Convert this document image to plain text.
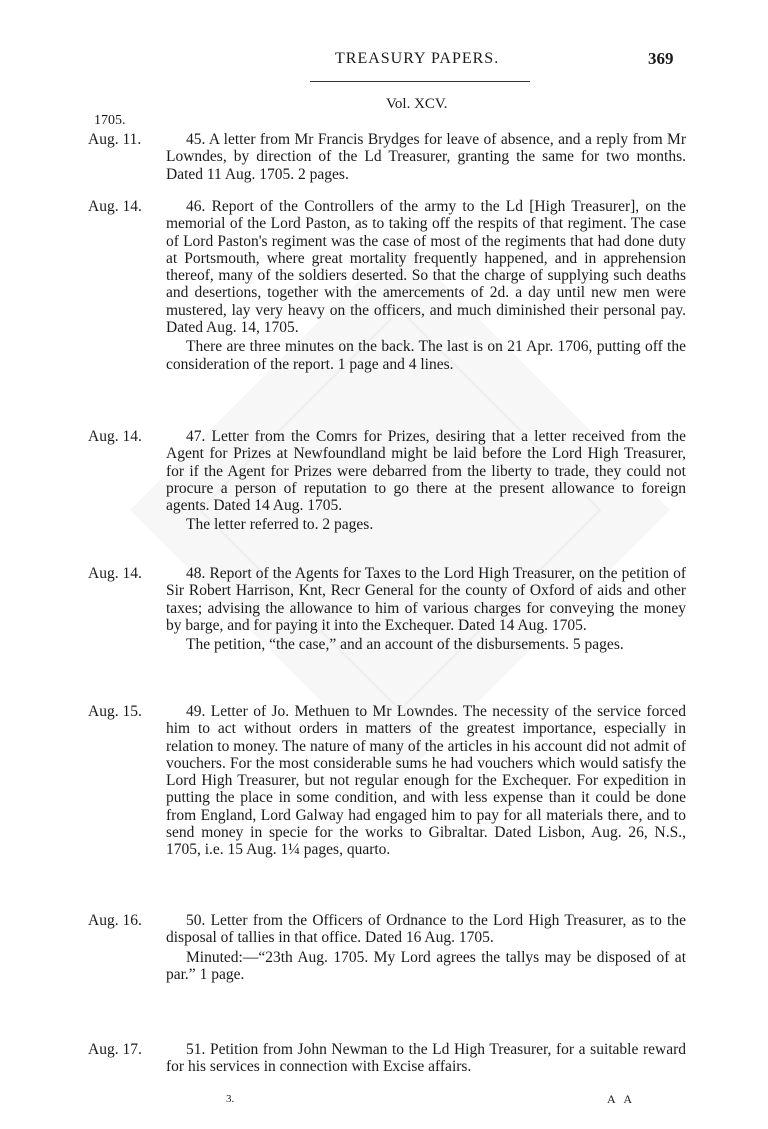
TREASURY PAPERS.	369
Vol. XCV.
1705.
Aug. 11.	45. A letter from Mr Francis Brydges for leave of absence, and a reply from Mr Lowndes, by direction of the Ld Treasurer, granting the same for two months. Dated 11 Aug. 1705. 2 pages.

Aug. 14.	46. Report of the Controllers of the army to the Ld [High Treasurer], on the memorial of the Lord Paston, as to taking off the respits of that regiment. The case of Lord Paston's regiment was the case of most of the regiments that had done duty at Portsmouth, where great mortality frequently happened, and in apprehension thereof, many of the soldiers deserted. So that the charge of supplying such deaths and desertions, together with the amercements of 2d. a day until new men were mustered, lay very heavy on the officers, and much diminished their personal pay. Dated Aug. 14, 1705.

There are three minutes on the back. The last is on 21 Apr. 1706, putting off the consideration of the report. 1 page and 4 lines.

Aug. 14.	47. Letter from the Comrs for Prizes, desiring that a letter received from the Agent for Prizes at Newfoundland might be laid before the Lord High Treasurer, for if the Agent for Prizes were debarred from the liberty to trade, they could not procure a person of reputation to go there at the present allowance to foreign agents. Dated 14 Aug. 1705.

The letter referred to. 2 pages.

Aug. 14.	48. Report of the Agents for Taxes to the Lord High Treasurer, on the petition of Sir Robert Harrison, Knt, Recr General for the county of Oxford of aids and other taxes; advising the allowance to him of various charges for conveying the money by barge, and for paying it into the Exchequer. Dated 14 Aug. 1705.

The petition, “the case,” and an account of the disbursements. 5 pages.

Aug. 15.	49. Letter of Jo. Methuen to Mr Lowndes. The necessity of the service forced him to act without orders in matters of the greatest importance, especially in relation to money. The nature of many of the articles in his account did not admit of vouchers. For the most considerable sums he had vouchers which would satisfy the Lord High Treasurer, but not regular enough for the Exchequer. For expedition in putting the place in some condition, and with less expense than it could be done from England, Lord Galway had engaged him to pay for all materials there, and to send money in specie for the works to Gibraltar. Dated Lisbon, Aug. 26, N.S., 1705, i.e. 15 Aug. 1¼ pages, quarto.

Aug. 16.	50. Letter from the Officers of Ordnance to the Lord High Treasurer, as to the disposal of tallies in that office. Dated 16 Aug. 1705.

Minuted:—“23th Aug. 1705. My Lord agrees the tallys may be disposed of at par.” 1 page.

Aug. 17.	51. Petition from John Newman to the Ld High Treasurer, for a suitable reward for his services in connection with Excise affairs.

3.	A A
